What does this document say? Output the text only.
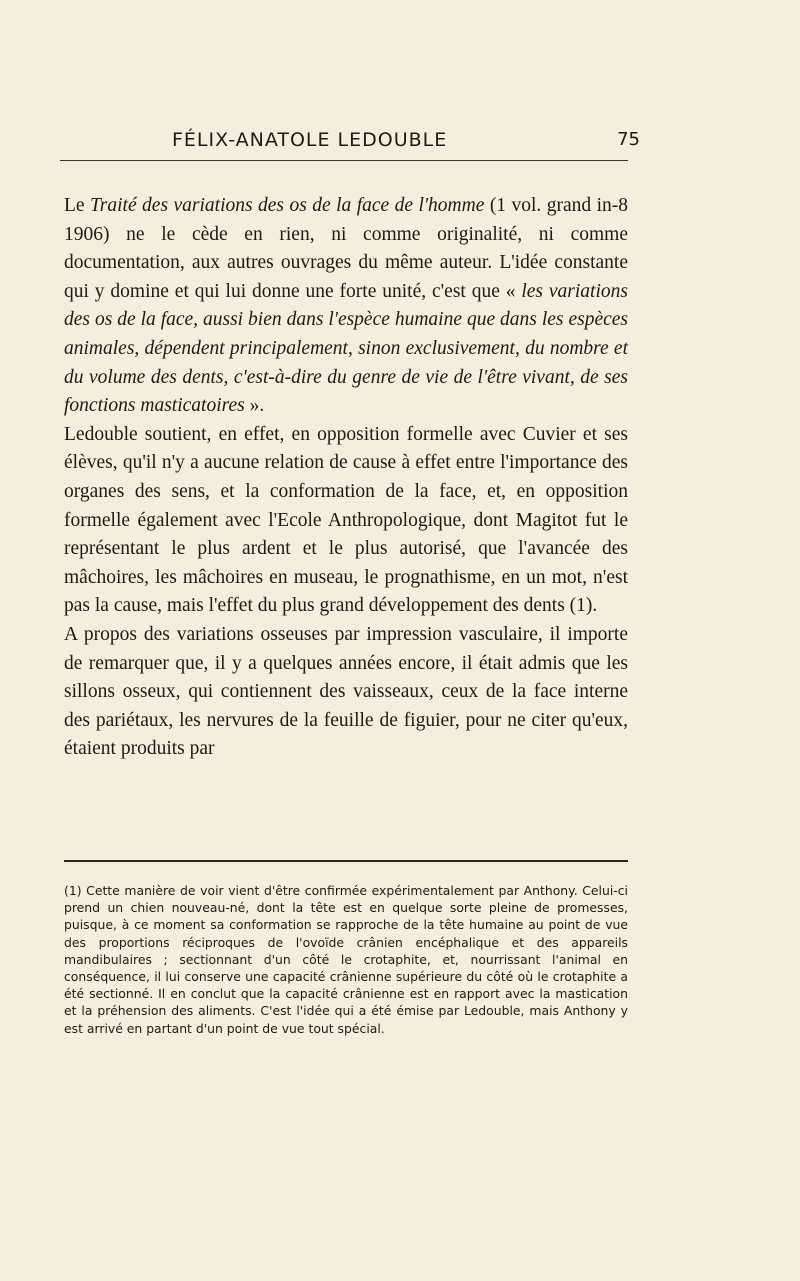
FÉLIX-ANATOLE LEDOUBLE	75

Le Traité des variations des os de la face de l'homme (1 vol. grand in-8 1906) ne le cède en rien, ni comme originalité, ni comme documentation, aux autres ouvrages du même auteur. L'idée constante qui y domine et qui lui donne une forte unité, c'est que « les variations des os de la face, aussi bien dans l'espèce humaine que dans les espèces animales, dépendent principalement, sinon exclusivement, du nombre et du volume des dents, c'est-à-dire du genre de vie de l'être vivant, de ses fonctions masticatoires ».

Ledouble soutient, en effet, en opposition formelle avec Cuvier et ses élèves, qu'il n'y a aucune relation de cause à effet entre l'importance des organes des sens, et la conformation de la face, et, en opposition formelle également avec l'Ecole Anthropologique, dont Magitot fut le représentant le plus ardent et le plus autorisé, que l'avancée des mâchoires, les mâchoires en museau, le prognathisme, en un mot, n'est pas la cause, mais l'effet du plus grand développement des dents (1).

A propos des variations osseuses par impression vasculaire, il importe de remarquer que, il y a quelques années encore, il était admis que les sillons osseux, qui contiennent des vaisseaux, ceux de la face interne des pariétaux, les nervures de la feuille de figuier, pour ne citer qu'eux, étaient produits par

(1) Cette manière de voir vient d'être confirmée expérimentalement par Anthony. Celui-ci prend un chien nouveau-né, dont la tête est en quelque sorte pleine de promesses, puisque, à ce moment sa conformation se rapproche de la tête humaine au point de vue des proportions réciproques de l'ovoïde crânien encéphalique et des appareils mandibulaires ; sectionnant d'un côté le crotaphite, et, nourrissant l'animal en conséquence, il lui conserve une capacité crânienne supérieure du côté où le crotaphite a été sectionné. Il en conclut que la capacité crânienne est en rapport avec la mastication et la préhension des aliments. C'est l'idée qui a été émise par Ledouble, mais Anthony y est arrivé en partant d'un point de vue tout spécial.
